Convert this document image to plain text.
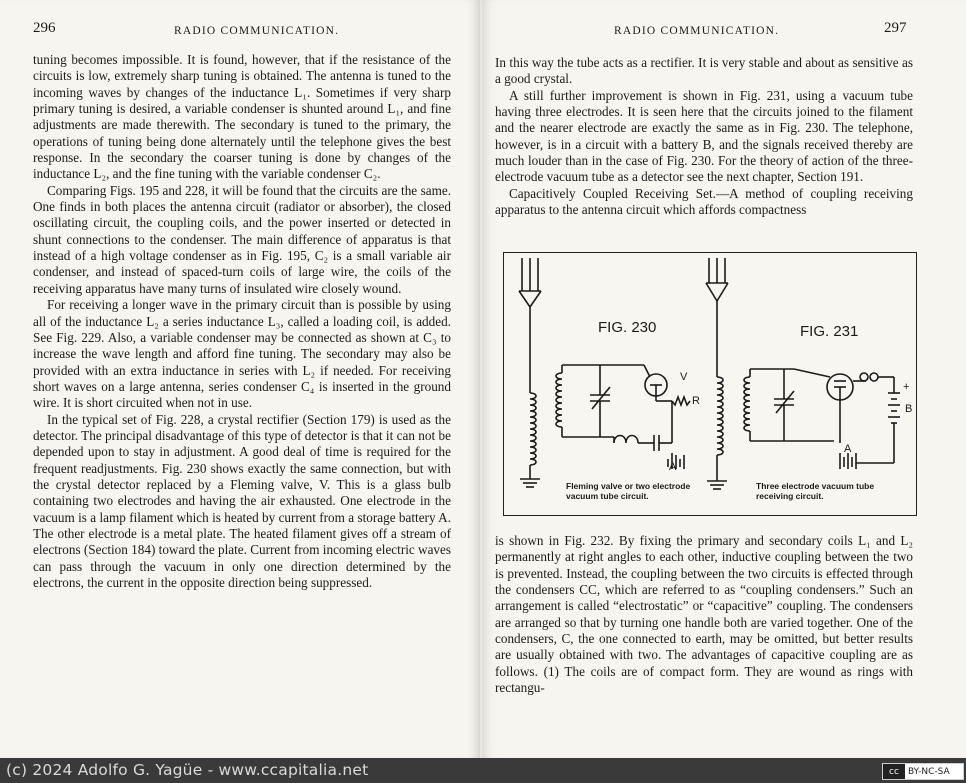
296	RADIO COMMUNICATION.

tuning becomes impossible. It is found, however, that if the resistance of the circuits is low, extremely sharp tuning is obtained. The antenna is tuned to the incoming waves by changes of the inductance L₁. Sometimes if very sharp primary tuning is desired, a variable condenser is shunted around L₁, and fine adjustments are made therewith. The secondary is tuned to the primary, the operations of tuning being done alternately until the telephone gives the best response. In the secondary the coarser tuning is done by changes of the inductance L₂, and the fine tuning with the variable condenser C₂.

Comparing Figs. 195 and 228, it will be found that the circuits are the same. One finds in both places the antenna circuit (radiator or absorber), the closed oscillating circuit, the coupling coils, and the power inserted or detected in shunt connections to the condenser. The main difference of apparatus is that instead of a high voltage condenser as in Fig. 195, C₂ is a small variable air condenser, and instead of spaced-turn coils of large wire, the coils of the receiving apparatus have many turns of insulated wire closely wound.

For receiving a longer wave in the primary circuit than is possible by using all of the inductance L₂ a series inductance L₃, called a loading coil, is added. See Fig. 229. Also, a variable condenser may be connected as shown at C₃ to increase the wave length and afford fine tuning. The secondary may also be provided with an extra inductance in series with L₂ if needed. For receiving short waves on a large antenna, series condenser C₄ is inserted in the ground wire. It is short circuited when not in use.

In the typical set of Fig. 228, a crystal rectifier (Section 179) is used as the detector. The principal disadvantage of this type of detector is that it can not be depended upon to stay in adjustment. A good deal of time is required for the frequent readjustments. Fig. 230 shows exactly the same connection, but with the crystal detector replaced by a Fleming valve, V. This is a glass bulb containing two electrodes and having the air exhausted. One electrode in the vacuum is a lamp filament which is heated by current from a storage battery A. The other electrode is a metal plate. The heated filament gives off a stream of electrons (Section 184) toward the plate. Current from incoming electric waves can pass through the vacuum in only one direction determined by the electrons, the current in the opposite direction being suppressed.

RADIO COMMUNICATION.	297

In this way the tube acts as a rectifier. It is very stable and about as sensitive as a good crystal.

A still further improvement is shown in Fig. 231, using a vacuum tube having three electrodes. It is seen here that the circuits joined to the filament and the nearer electrode are exactly the same as in Fig. 230. The telephone, however, is in a circuit with a battery B, and the signals received thereby are much louder than in the case of Fig. 230. For the theory of action of the three-electrode vacuum tube as a detector see the next chapter, Section 191.

Capacitively Coupled Receiving Set.—A method of coupling receiving apparatus to the antenna circuit which affords compactness

FIG. 230	FIG. 231
V
R
A
A
B
+
Fleming valve or two electrode vacuum tube circuit.
Three electrode vacuum tube receiving circuit.

is shown in Fig. 232. By fixing the primary and secondary coils L₁ and L₂ permanently at right angles to each other, inductive coupling between the two is prevented. Instead, the coupling between the two circuits is effected through the condensers CC, which are referred to as “coupling condensers.” Such an arrangement is called “electrostatic” or “capacitive” coupling. The condensers are arranged so that by turning one handle both are varied together. One of the condensers, C, the one connected to earth, may be omitted, but better results are usually obtained with two. The advantages of capacitive coupling are as follows. (1) The coils are of compact form. They are wound as rings with rectangu-

(c) 2024 Adolfo G. Yagüe - www.ccapitalia.net	cc	BY-NC-SA
